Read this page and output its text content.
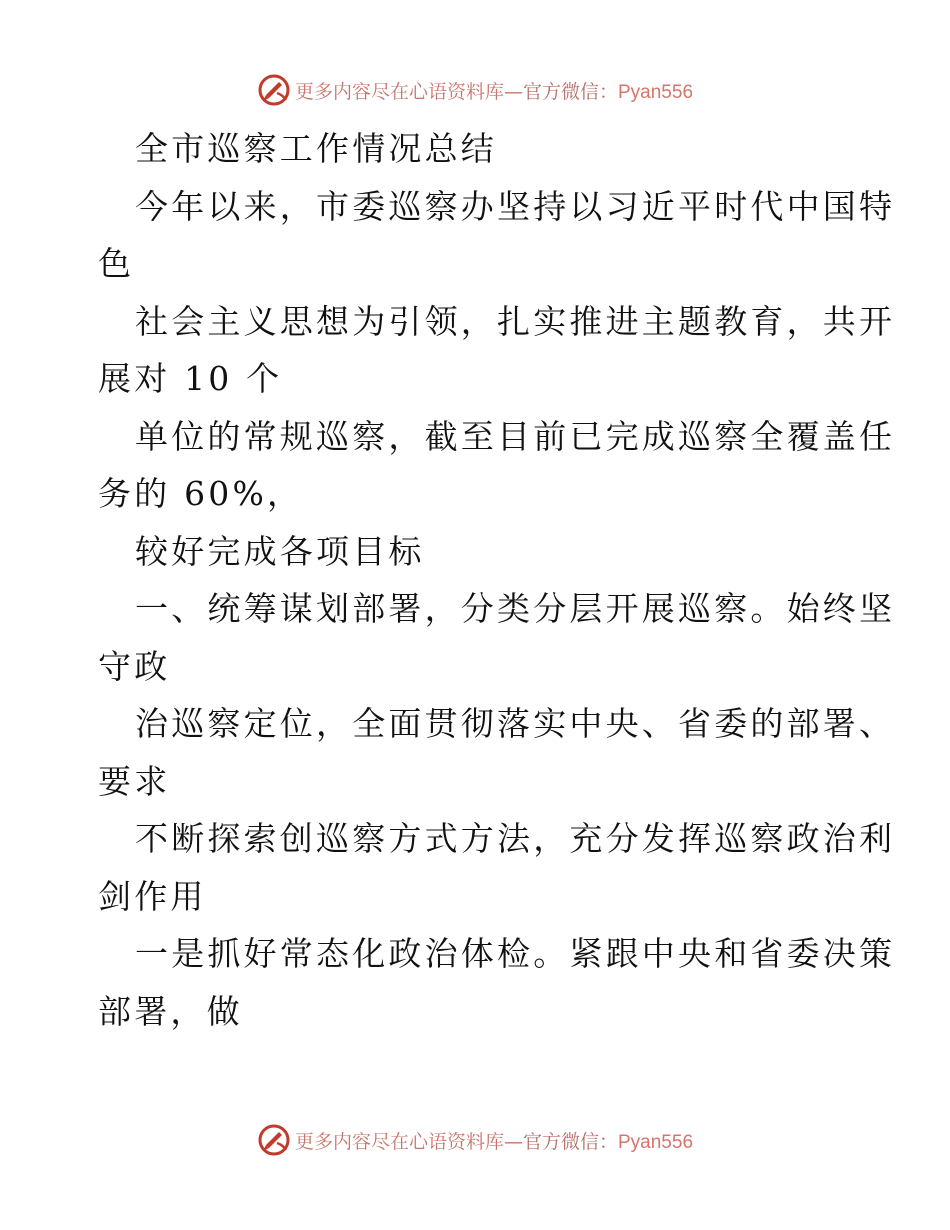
更多内容尽在心语资料库—官方微信：Pyan556
全市巡察工作情况总结
今年以来，市委巡察办坚持以习近平时代中国特
色
社会主义思想为引领，扎实推进主题教育，共开
展对 10 个
单位的常规巡察，截至目前已完成巡察全覆盖任
务的 60%，
较好完成各项目标
一、统筹谋划部署，分类分层开展巡察。始终坚
守政
治巡察定位，全面贯彻落实中央、省委的部署、
要求
不断探索创巡察方式方法，充分发挥巡察政治利
剑作用
一是抓好常态化政治体检。紧跟中央和省委决策
部署，做
更多内容尽在心语资料库—官方微信：Pyan556
